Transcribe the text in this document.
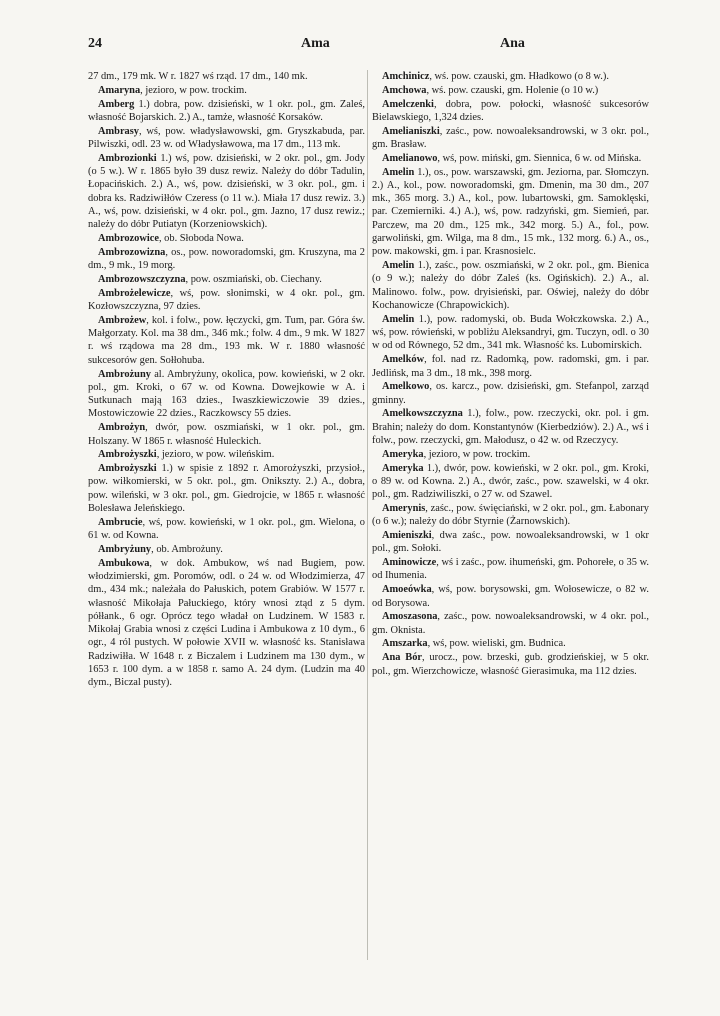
24	Ama	Ana

27 dm., 179 mk. W r. 1827 wś rząd. 17 dm., 140 mk.

Amaryna, jezioro, w pow. trockim.

Amberg 1.) dobra, pow. dzisieński, w 1 okr. pol., gm. Zaleś, własność Bojarskich. 2.) A., tamże, własność Korsaków.

Ambrasy, wś, pow. władysławowski, gm. Gryszkabuda, par. Pilwiszki, odl. 23 w. od Władysławowa, ma 17 dm., 113 mk.

Ambrozionki 1.) wś, pow. dzisieński, w 2 okr. pol., gm. Jody (o 5 w.). W r. 1865 było 39 dusz rewiz. Należy do dóbr Tadulin, Łopacińskich. 2.) A., wś, pow. dzisieński, w 3 okr. pol., gm. i dobra ks. Radziwiłłów Czeress (o 11 w.). Miała 17 dusz rewiz. 3.) A., wś, pow. dzisieński, w 4 okr. pol., gm. Jazno, 17 dusz rewiz.; należy do dóbr Putiatyn (Korzeniowskich).

Ambrozowice, ob. Słoboda Nowa.

Ambrozowizna, os., pow. noworadomski, gm. Kruszyna, ma 2 dm., 9 mk., 19 morg.

Ambrozowszczyzna, pow. oszmiański, ob. Ciechany.

Ambrożelewicze, wś, pow. słonimski, w 4 okr. pol., gm. Kozłowszczyzna, 97 dzies.

Ambrożew, kol. i folw., pow. łęczycki, gm. Tum, par. Góra św. Małgorzaty. Kol. ma 38 dm., 346 mk.; folw. 4 dm., 9 mk. W 1827 r. wś rządowa ma 28 dm., 193 mk. W r. 1880 własność sukcesorów gen. Sołłohuba.

Ambrożuny al. Ambryżuny, okolica, pow. kowieński, w 2 okr. pol., gm. Kroki, o 67 w. od Kowna. Dowejkowie w A. i Sutkunach mają 163 dzies., Iwaszkiewiczowie 39 dzies., Mostowiczowie 22 dzies., Raczkowscy 55 dzies.

Ambrożyn, dwór, pow. oszmiański, w 1 okr. pol., gm. Holszany. W 1865 r. własność Huleckich.

Ambrożyszki, jezioro, w pow. wileńskim.

Ambrożyszki 1.) w spisie z 1892 r. Amorożyszki, przysioł., pow. wiłkomierski, w 5 okr. pol., gm. Onikszty. 2.) A., dobra, pow. wileński, w 3 okr. pol., gm. Giedrojcie, w 1865 r. własność Bolesława Jeleńskiego.

Ambrucie, wś, pow. kowieński, w 1 okr. pol., gm. Wielona, o 61 w. od Kowna.

Ambryżuny, ob. Ambrożuny.

Ambukowa, w dok. Ambukow, wś nad Bugiem, pow. włodzimierski, gm. Poromów, odl. o 24 w. od Włodzimierza, 47 dm., 434 mk.; należała do Pałuskich, potem Grabiów. W 1577 r. własność Mikołaja Pałuckiego, który wnosi ztąd z 5 dym. półłank., 6 ogr. Oprócz tego władał on Ludzinem. W 1583 r. Mikołaj Grabia wnosi z części Ludina i Ambukowa z 10 dym., 6 ogr., 4 ról pustych. W połowie XVII w. własność ks. Stanisława Radziwiłła. W 1648 r. z Biczalem i Ludzinem ma 130 dym., w 1653 r. 100 dym. a w 1858 r. samo A. 24 dym. (Ludzin ma 40 dym., Biczal pusty).

Amchinicz, wś. pow. czauski, gm. Hładkowo (o 8 w.).

Amchowa, wś. pow. czauski, gm. Holenie (o 10 w.)

Amelczenki, dobra, pow. połocki, własność sukcesorów Bielawskiego, 1,324 dzies.

Amelianiszki, zaśc., pow. nowoaleksandrowski, w 3 okr. pol., gm. Brasław.

Amelianowo, wś, pow. miński, gm. Siennica, 6 w. od Mińska.

Amelin 1.), os., pow. warszawski, gm. Jeziorna, par. Słomczyn. 2.) A., kol., pow. noworadomski, gm. Dmenin, ma 30 dm., 207 mk., 365 morg. 3.) A., kol., pow. lubartowski, gm. Samoklęski, par. Czemierniki. 4.) A.), wś, pow. radzyński, gm. Siemień, par. Parczew, ma 20 dm., 125 mk., 342 morg. 5.) A., fol., pow. garwoliński, gm. Wilga, ma 8 dm., 15 mk., 132 morg. 6.) A., os., pow. makowski, gm. i par. Krasnosielc.

Amelin 1.), zaśc., pow. oszmiański, w 2 okr. pol., gm. Bienica (o 9 w.); należy do dóbr Zaleś (ks. Ogińskich). 2.) A., al. Malinowo. folw., pow. dryisieński, par. Oświej, należy do dóbr Kochanowicze (Chrapowickich).

Amelin 1.), pow. radomyski, ob. Buda Wołczkowska. 2.) A., wś, pow. rówieński, w pobliżu Aleksandryi, gm. Tuczyn, odl. o 30 w od od Równego, 52 dm., 341 mk. Własność ks. Lubomirskich.

Amelków, fol. nad rz. Radomką, pow. radomski, gm. i par. Jedlińsk, ma 3 dm., 18 mk., 398 morg.

Amelkowo, os. karcz., pow. dzisieński, gm. Stefanpol, zarząd gminny.

Amelkowszczyzna 1.), folw., pow. rzeczycki, okr. pol. i gm. Brahin; należy do dom. Konstantynów (Kierbedziów). 2.) A., wś i folw., pow. rzeczycki, gm. Małodusz, o 42 w. od Rzeczycy.

Ameryka, jezioro, w pow. trockim.

Ameryka 1.), dwór, pow. kowieński, w 2 okr. pol., gm. Kroki, o 89 w. od Kowna. 2.) A., dwór, zaśc., pow. szawelski, w 4 okr. pol., gm. Radziwiliszki, o 27 w. od Szawel.

Amerynis, zaśc., pow. święciański, w 2 okr. pol., gm. Łabonary (o 6 w.); należy do dóbr Styrnie (Żarnowskich).

Amieniszki, dwa zaśc., pow. nowoaleksandrowski, w 1 okr pol., gm. Sołoki.

Aminowicze, wś i zaśc., pow. ihumeński, gm. Pohorełe, o 35 w. od Ihumenia.

Amoeówka, wś, pow. borysowski, gm. Wołosewicze, o 82 w. od Borysowa.

Amoszasona, zaśc., pow. nowoaleksandrowski, w 4 okr. pol., gm. Oknista.

Amszarka, wś, pow. wieliski, gm. Budnica.

Ana Bór, urocz., pow. brzeski, gub. grodzieńskiej, w 5 okr. pol., gm. Wierzchowicze, własność Gierasimuka, ma 112 dzies.
